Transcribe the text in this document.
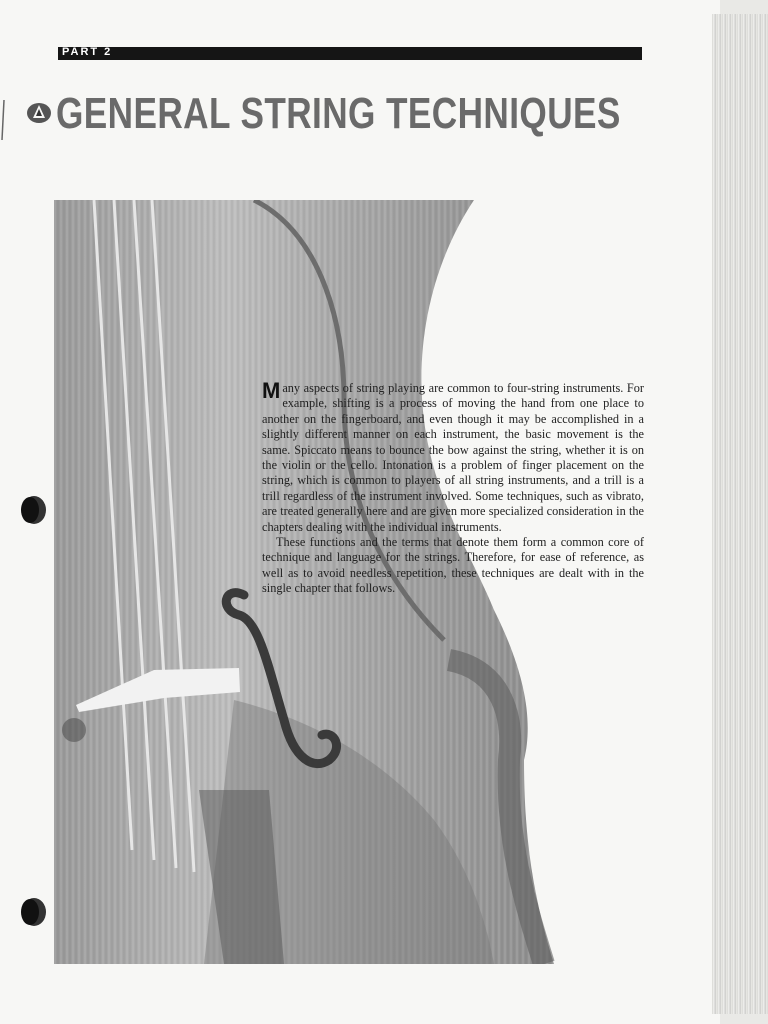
PART 2
GENERAL STRING TECHNIQUES

Many aspects of string playing are common to four-string instruments. For example, shifting is a process of moving the hand from one place to another on the fingerboard, and even though it may be accomplished in a slightly different manner on each instrument, the basic movement is the same. Spiccato means to bounce the bow against the string, whether it is on the violin or the cello. Intonation is a problem of finger placement on the string, which is common to players of all string instruments, and a trill is a trill regardless of the instrument involved. Some techniques, such as vibrato, are treated generally here and are given more specialized consideration in the chapters dealing with the individual instruments.

These functions and the terms that denote them form a common core of technique and language for the strings. Therefore, for ease of reference, as well as to avoid needless repetition, these techniques are dealt with in the single chapter that follows.
